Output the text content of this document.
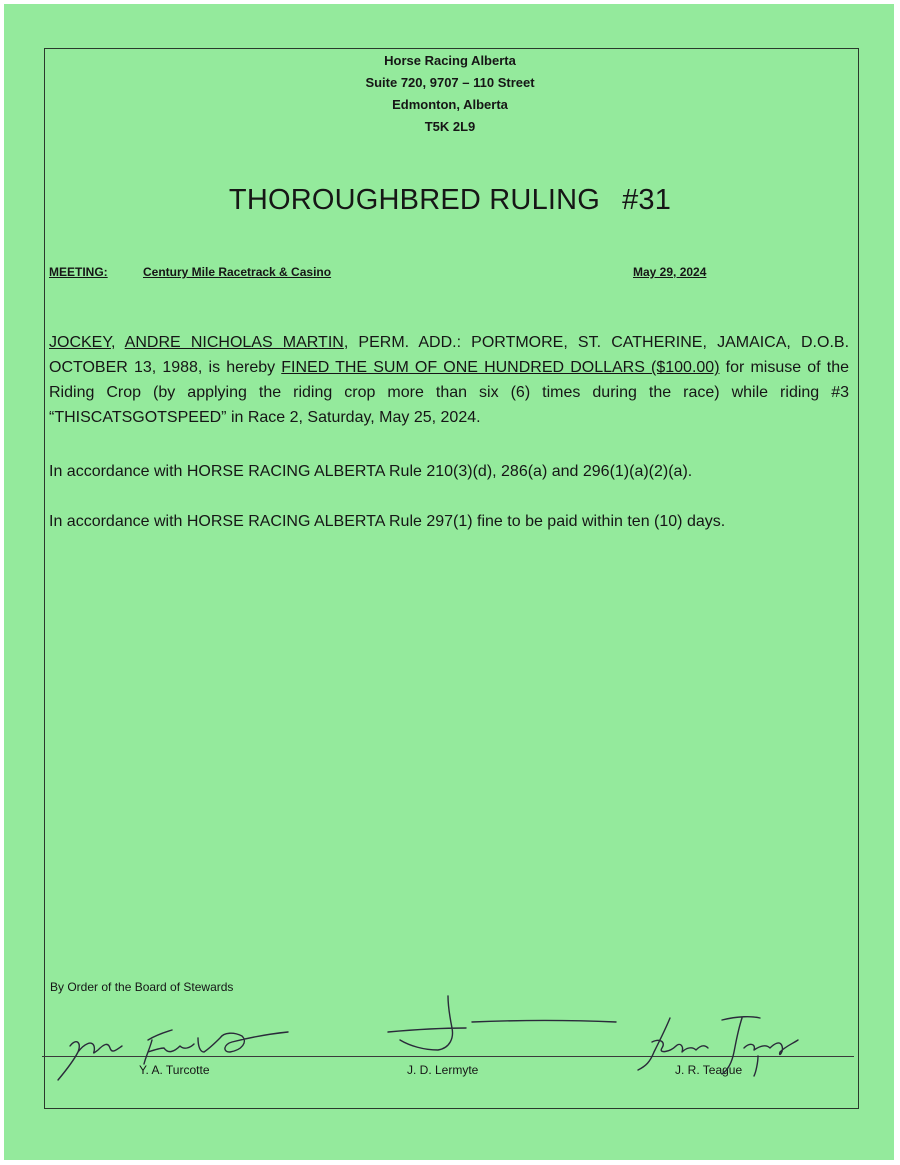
Horse Racing Alberta
Suite 720, 9707 – 110 Street
Edmonton, Alberta
T5K 2L9
THOROUGHBRED RULING #31
MEETING:	Century Mile Racetrack & Casino	May 29, 2024
JOCKEY, ANDRE NICHOLAS MARTIN, PERM. ADD.: PORTMORE, ST. CATHERINE, JAMAICA, D.O.B. OCTOBER 13, 1988, is hereby FINED THE SUM OF ONE HUNDRED DOLLARS ($100.00) for misuse of the Riding Crop (by applying the riding crop more than six (6) times during the race) while riding #3 “THISCATSGOTSPEED” in Race 2, Saturday, May 25, 2024.
In accordance with HORSE RACING ALBERTA Rule 210(3)(d), 286(a) and 296(1)(a)(2)(a).
In accordance with HORSE RACING ALBERTA Rule 297(1) fine to be paid within ten (10) days.
By Order of the Board of Stewards
Y. A. Turcotte	J. D. Lermyte	J. R. Teague
